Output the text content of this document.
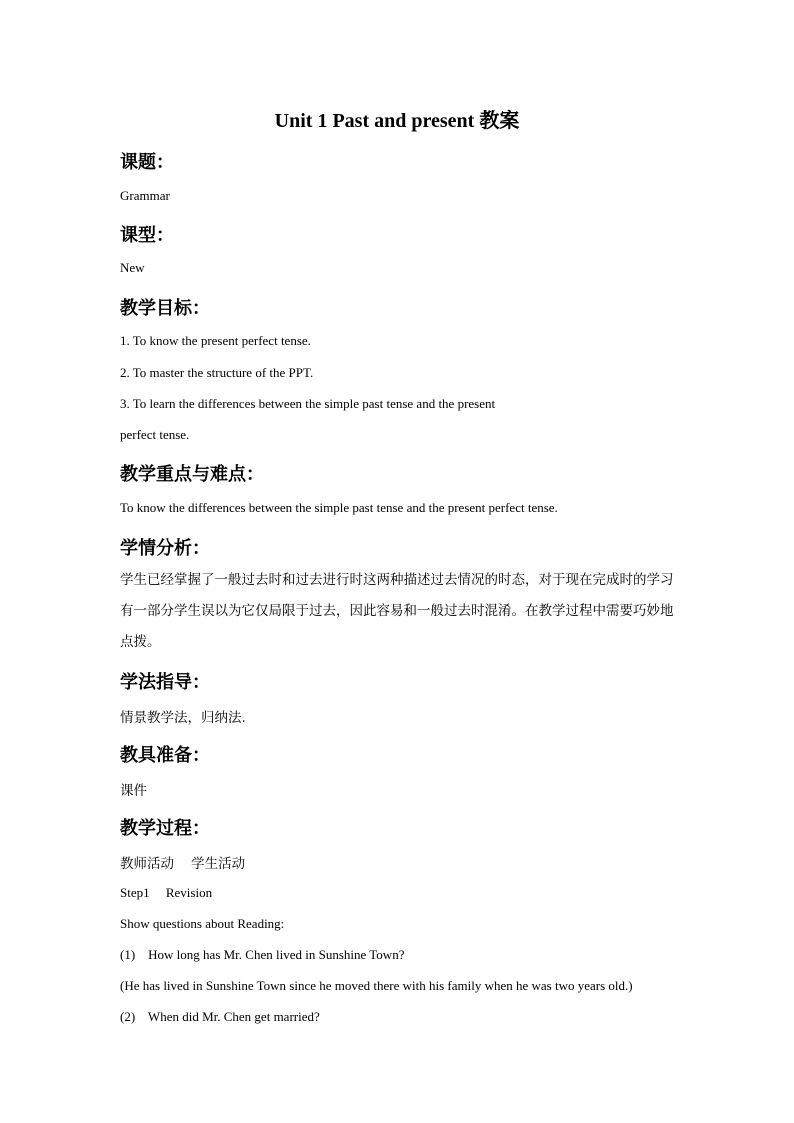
Unit 1 Past and present 教案
课题：
Grammar
课型：
New
教学目标：
1. To know the present perfect tense.
2. To master the structure of the PPT.
3. To learn the differences between the simple past tense and the present
perfect tense.
教学重点与难点：
To know the differences between the simple past tense and the present perfect tense.
学情分析：
学生已经掌握了一般过去时和过去进行时这两种描述过去情况的时态，对于现在完成时的学习有一部分学生误以为它仅局限于过去，因此容易和一般过去时混淆。在教学过程中需要巧妙地点拨。
学法指导：
情景教学法，归纳法.
教具准备：
课件
教学过程：
教师活动    学生活动
Step1     Revision
Show questions about Reading:
(1)    How long has Mr. Chen lived in Sunshine Town?
(He has lived in Sunshine Town since he moved there with his family when he was two years old.)
(2)    When did Mr. Chen get married?
